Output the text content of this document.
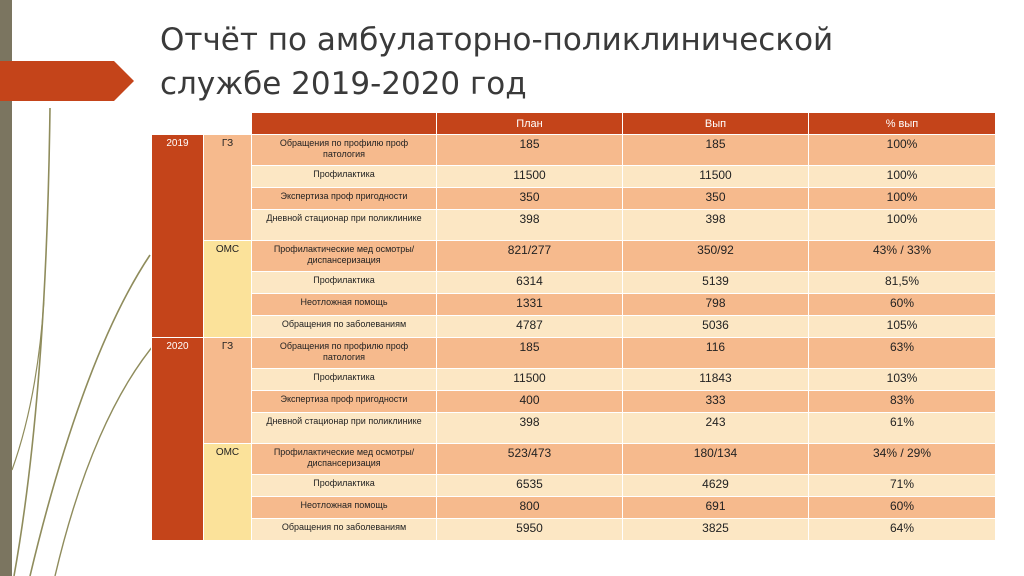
Отчёт по амбулаторно-поликлинической
службе 2019-2020 год
			План	Вып	% вып
2019	ГЗ	Обращения по профилю проф патология	185	185	100%
		Профилактика	11500	11500	100%
		Экспертиза проф пригодности	350	350	100%
		Дневной стационар при поликлинике	398	398	100%
	ОМС	Профилактические мед осмотры/ диспансеризация	821/277	350/92	43% / 33%
		Профилактика	6314	5139	81,5%
		Неотложная помощь	1331	798	60%
		Обращения по заболеваниям	4787	5036	105%
2020	ГЗ	Обращения по профилю проф патология	185	116	63%
		Профилактика	11500	11843	103%
		Экспертиза проф пригодности	400	333	83%
		Дневной стационар при поликлинике	398	243	61%
	ОМС	Профилактические мед осмотры/ диспансеризация	523/473	180/134	34% / 29%
		Профилактика	6535	4629	71%
		Неотложная помощь	800	691	60%
		Обращения по заболеваниям	5950	3825	64%
